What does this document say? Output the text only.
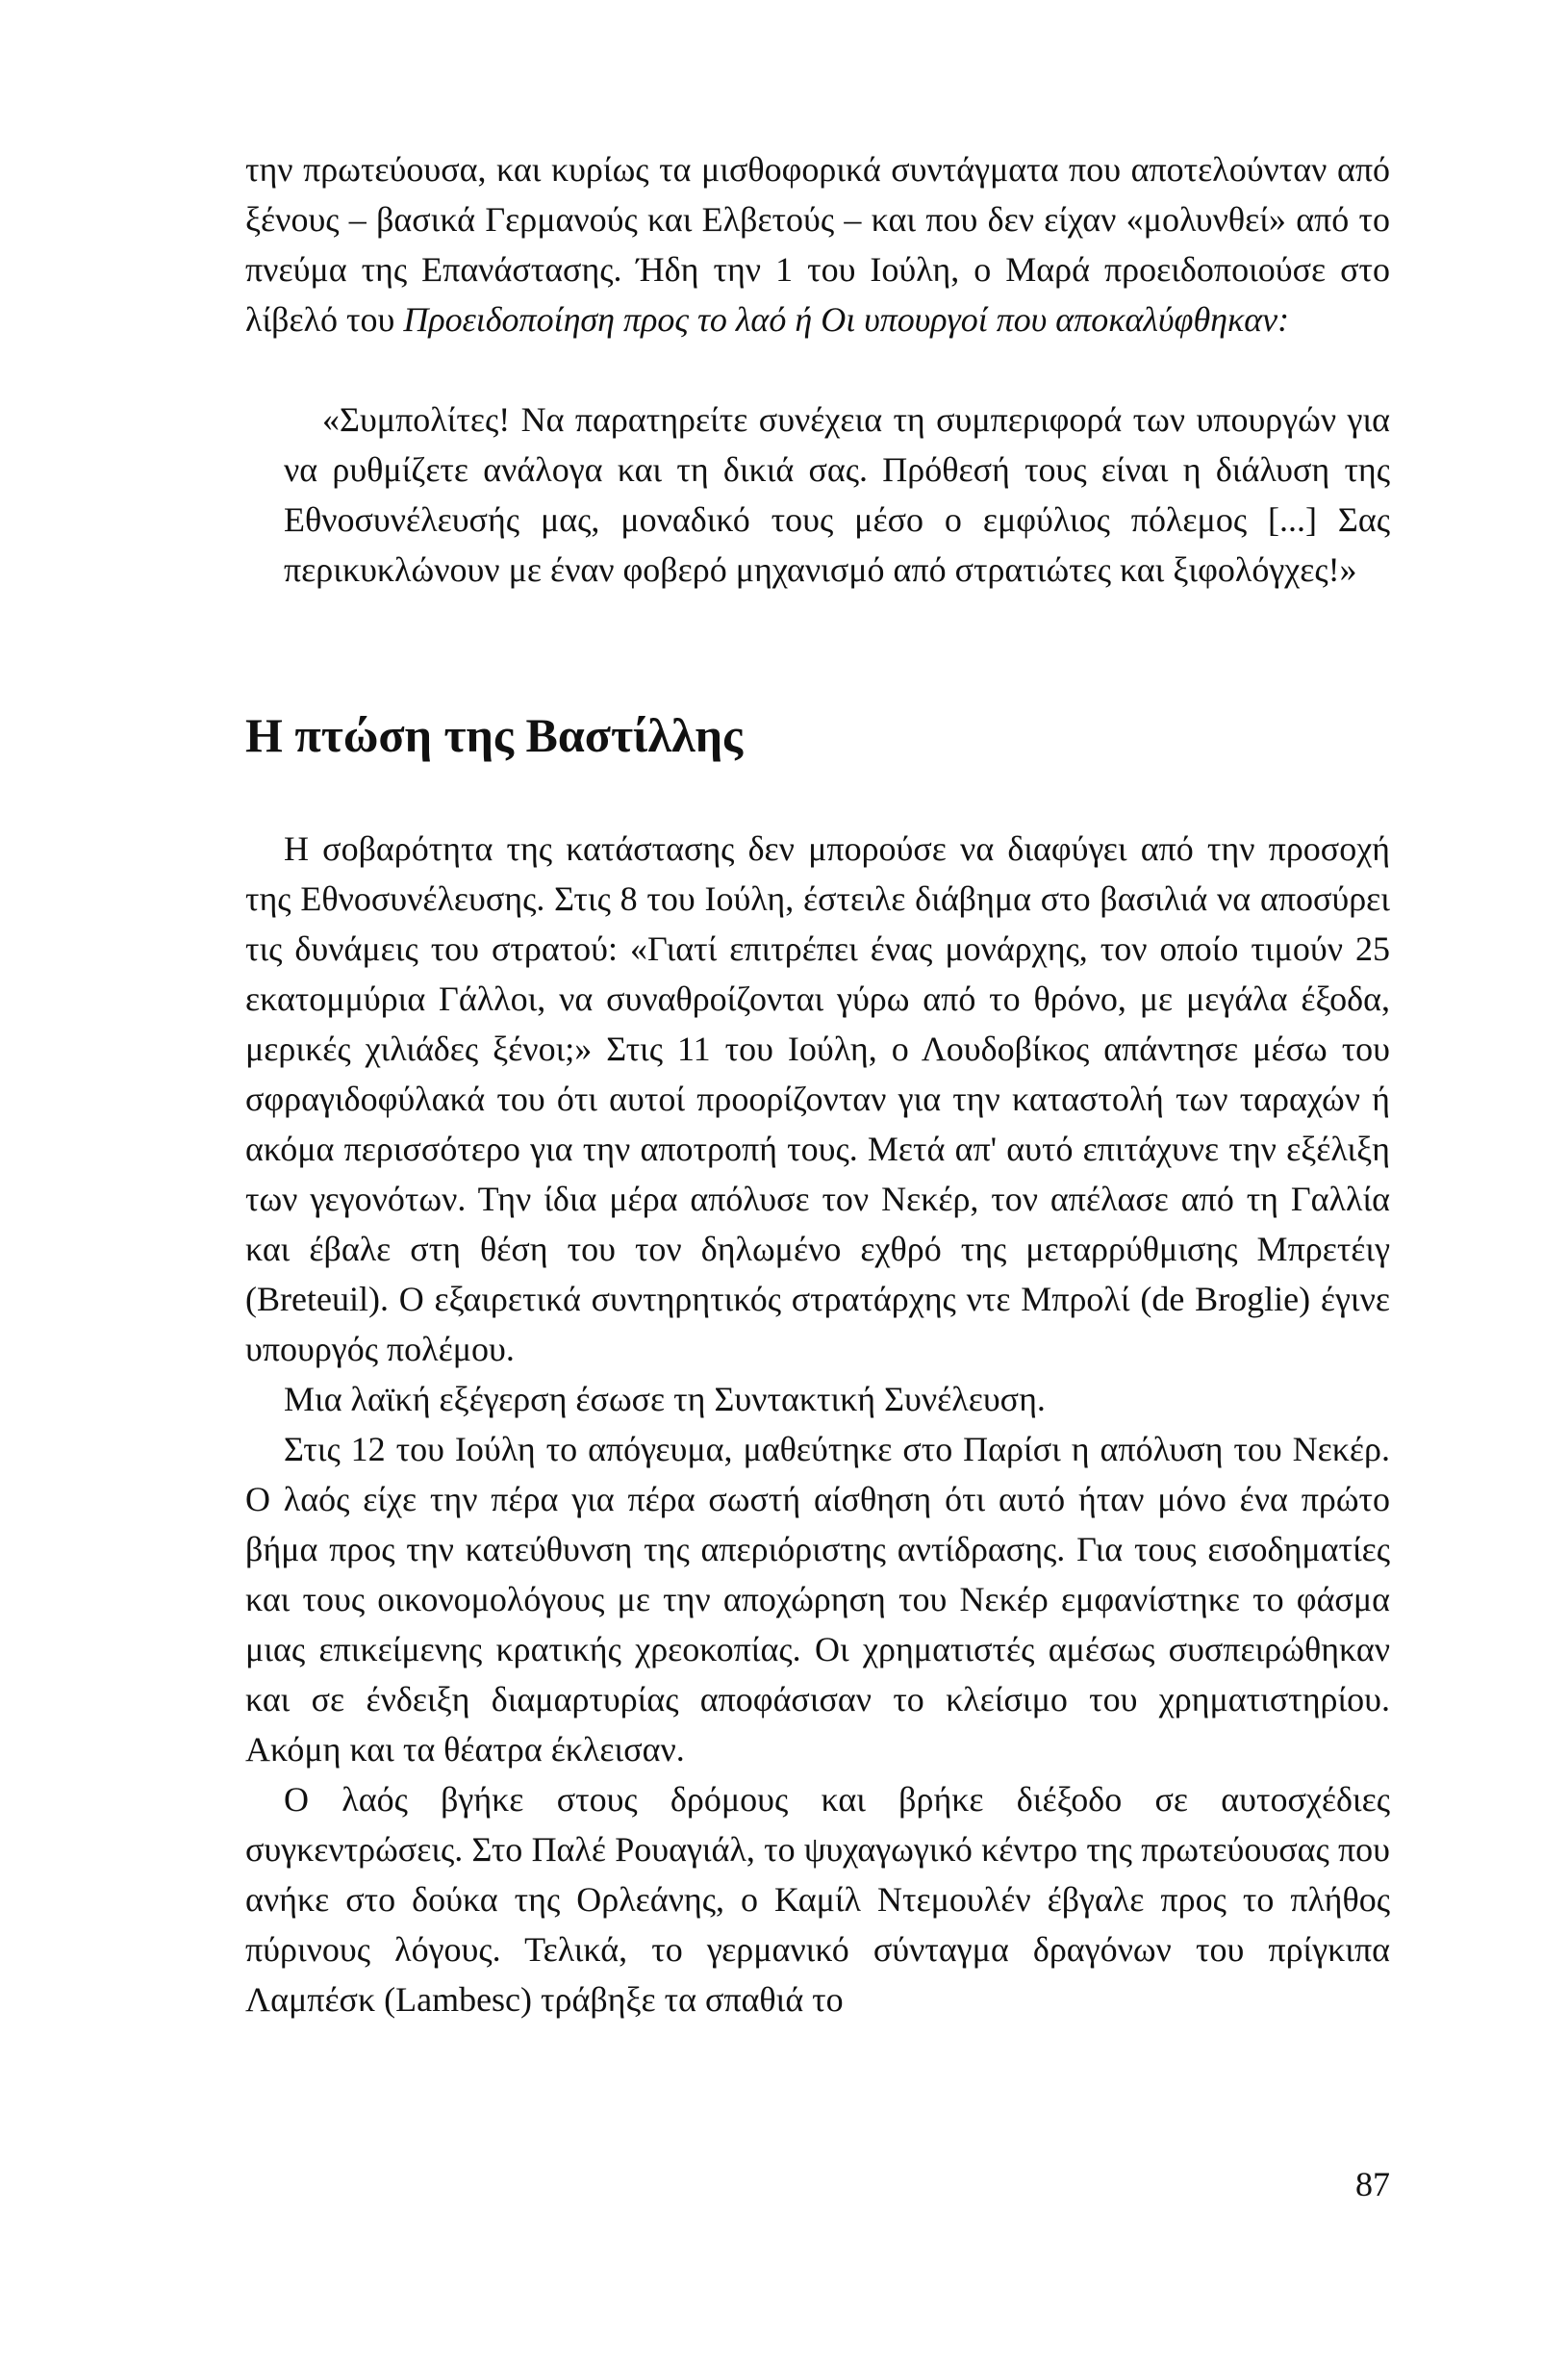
την πρωτεύουσα, και κυρίως τα μισθοφορικά συντάγματα που αποτελούνταν από ξένους – βασικά Γερμανούς και Ελβετούς – και που δεν είχαν «μολυνθεί» από το πνεύμα της Επανάστασης. Ήδη την 1 του Ιούλη, ο Μαρά προειδοποιούσε στο λίβελό του Προειδοποίηση προς το λαό ή Οι υπουργοί που αποκαλύφθηκαν:

«Συμπολίτες! Να παρατηρείτε συνέχεια τη συμπεριφορά των υπουργών για να ρυθμίζετε ανάλογα και τη δικιά σας. Πρόθεσή τους είναι η διάλυση της Εθνοσυνέλευσής μας, μοναδικό τους μέσο ο εμφύλιος πόλεμος [...] Σας περικυκλώνουν με έναν φοβερό μηχανισμό από στρατιώτες και ξιφολόγχες!»

Η πτώση της Βαστίλλης

Η σοβαρότητα της κατάστασης δεν μπορούσε να διαφύγει από την προσοχή της Εθνοσυνέλευσης. Στις 8 του Ιούλη, έστειλε διάβημα στο βασιλιά να αποσύρει τις δυνάμεις του στρατού: «Γιατί επιτρέπει ένας μονάρχης, τον οποίο τιμούν 25 εκατομμύρια Γάλλοι, να συναθροίζονται γύρω από το θρόνο, με μεγάλα έξοδα, μερικές χιλιάδες ξένοι;» Στις 11 του Ιούλη, ο Λουδοβίκος απάντησε μέσω του σφραγιδοφύλακά του ότι αυτοί προορίζονταν για την καταστολή των ταραχών ή ακόμα περισσότερο για την αποτροπή τους. Μετά απ' αυτό επιτάχυνε την εξέλιξη των γεγονότων. Την ίδια μέρα απόλυσε τον Νεκέρ, τον απέλασε από τη Γαλλία και έβαλε στη θέση του τον δηλωμένο εχθρό της μεταρρύθμισης Μπρετέιγ (Breteuil). Ο εξαιρετικά συντηρητικός στρατάρχης ντε Μπρολί (de Broglie) έγινε υπουργός πολέμου.

Μια λαϊκή εξέγερση έσωσε τη Συντακτική Συνέλευση.

Στις 12 του Ιούλη το απόγευμα, μαθεύτηκε στο Παρίσι η απόλυση του Νεκέρ. Ο λαός είχε την πέρα για πέρα σωστή αίσθηση ότι αυτό ήταν μόνο ένα πρώτο βήμα προς την κατεύθυνση της απεριόριστης αντίδρασης. Για τους εισοδηματίες και τους οικονομολόγους με την αποχώρηση του Νεκέρ εμφανίστηκε το φάσμα μιας επικείμενης κρατικής χρεοκοπίας. Οι χρηματιστές αμέσως συσπειρώθηκαν και σε ένδειξη διαμαρτυρίας αποφάσισαν το κλείσιμο του χρηματιστηρίου. Ακόμη και τα θέατρα έκλεισαν.

Ο λαός βγήκε στους δρόμους και βρήκε διέξοδο σε αυτοσχέδιες συγκεντρώσεις. Στο Παλέ Ρουαγιάλ, το ψυχαγωγικό κέντρο της πρωτεύουσας που ανήκε στο δούκα της Ορλεάνης, ο Καμίλ Ντεμουλέν έβγαλε προς το πλήθος πύρινους λόγους. Τελικά, το γερμανικό σύνταγμα δραγόνων του πρίγκιπα Λαμπέσκ (Lambesc) τράβηξε τα σπαθιά το

87
